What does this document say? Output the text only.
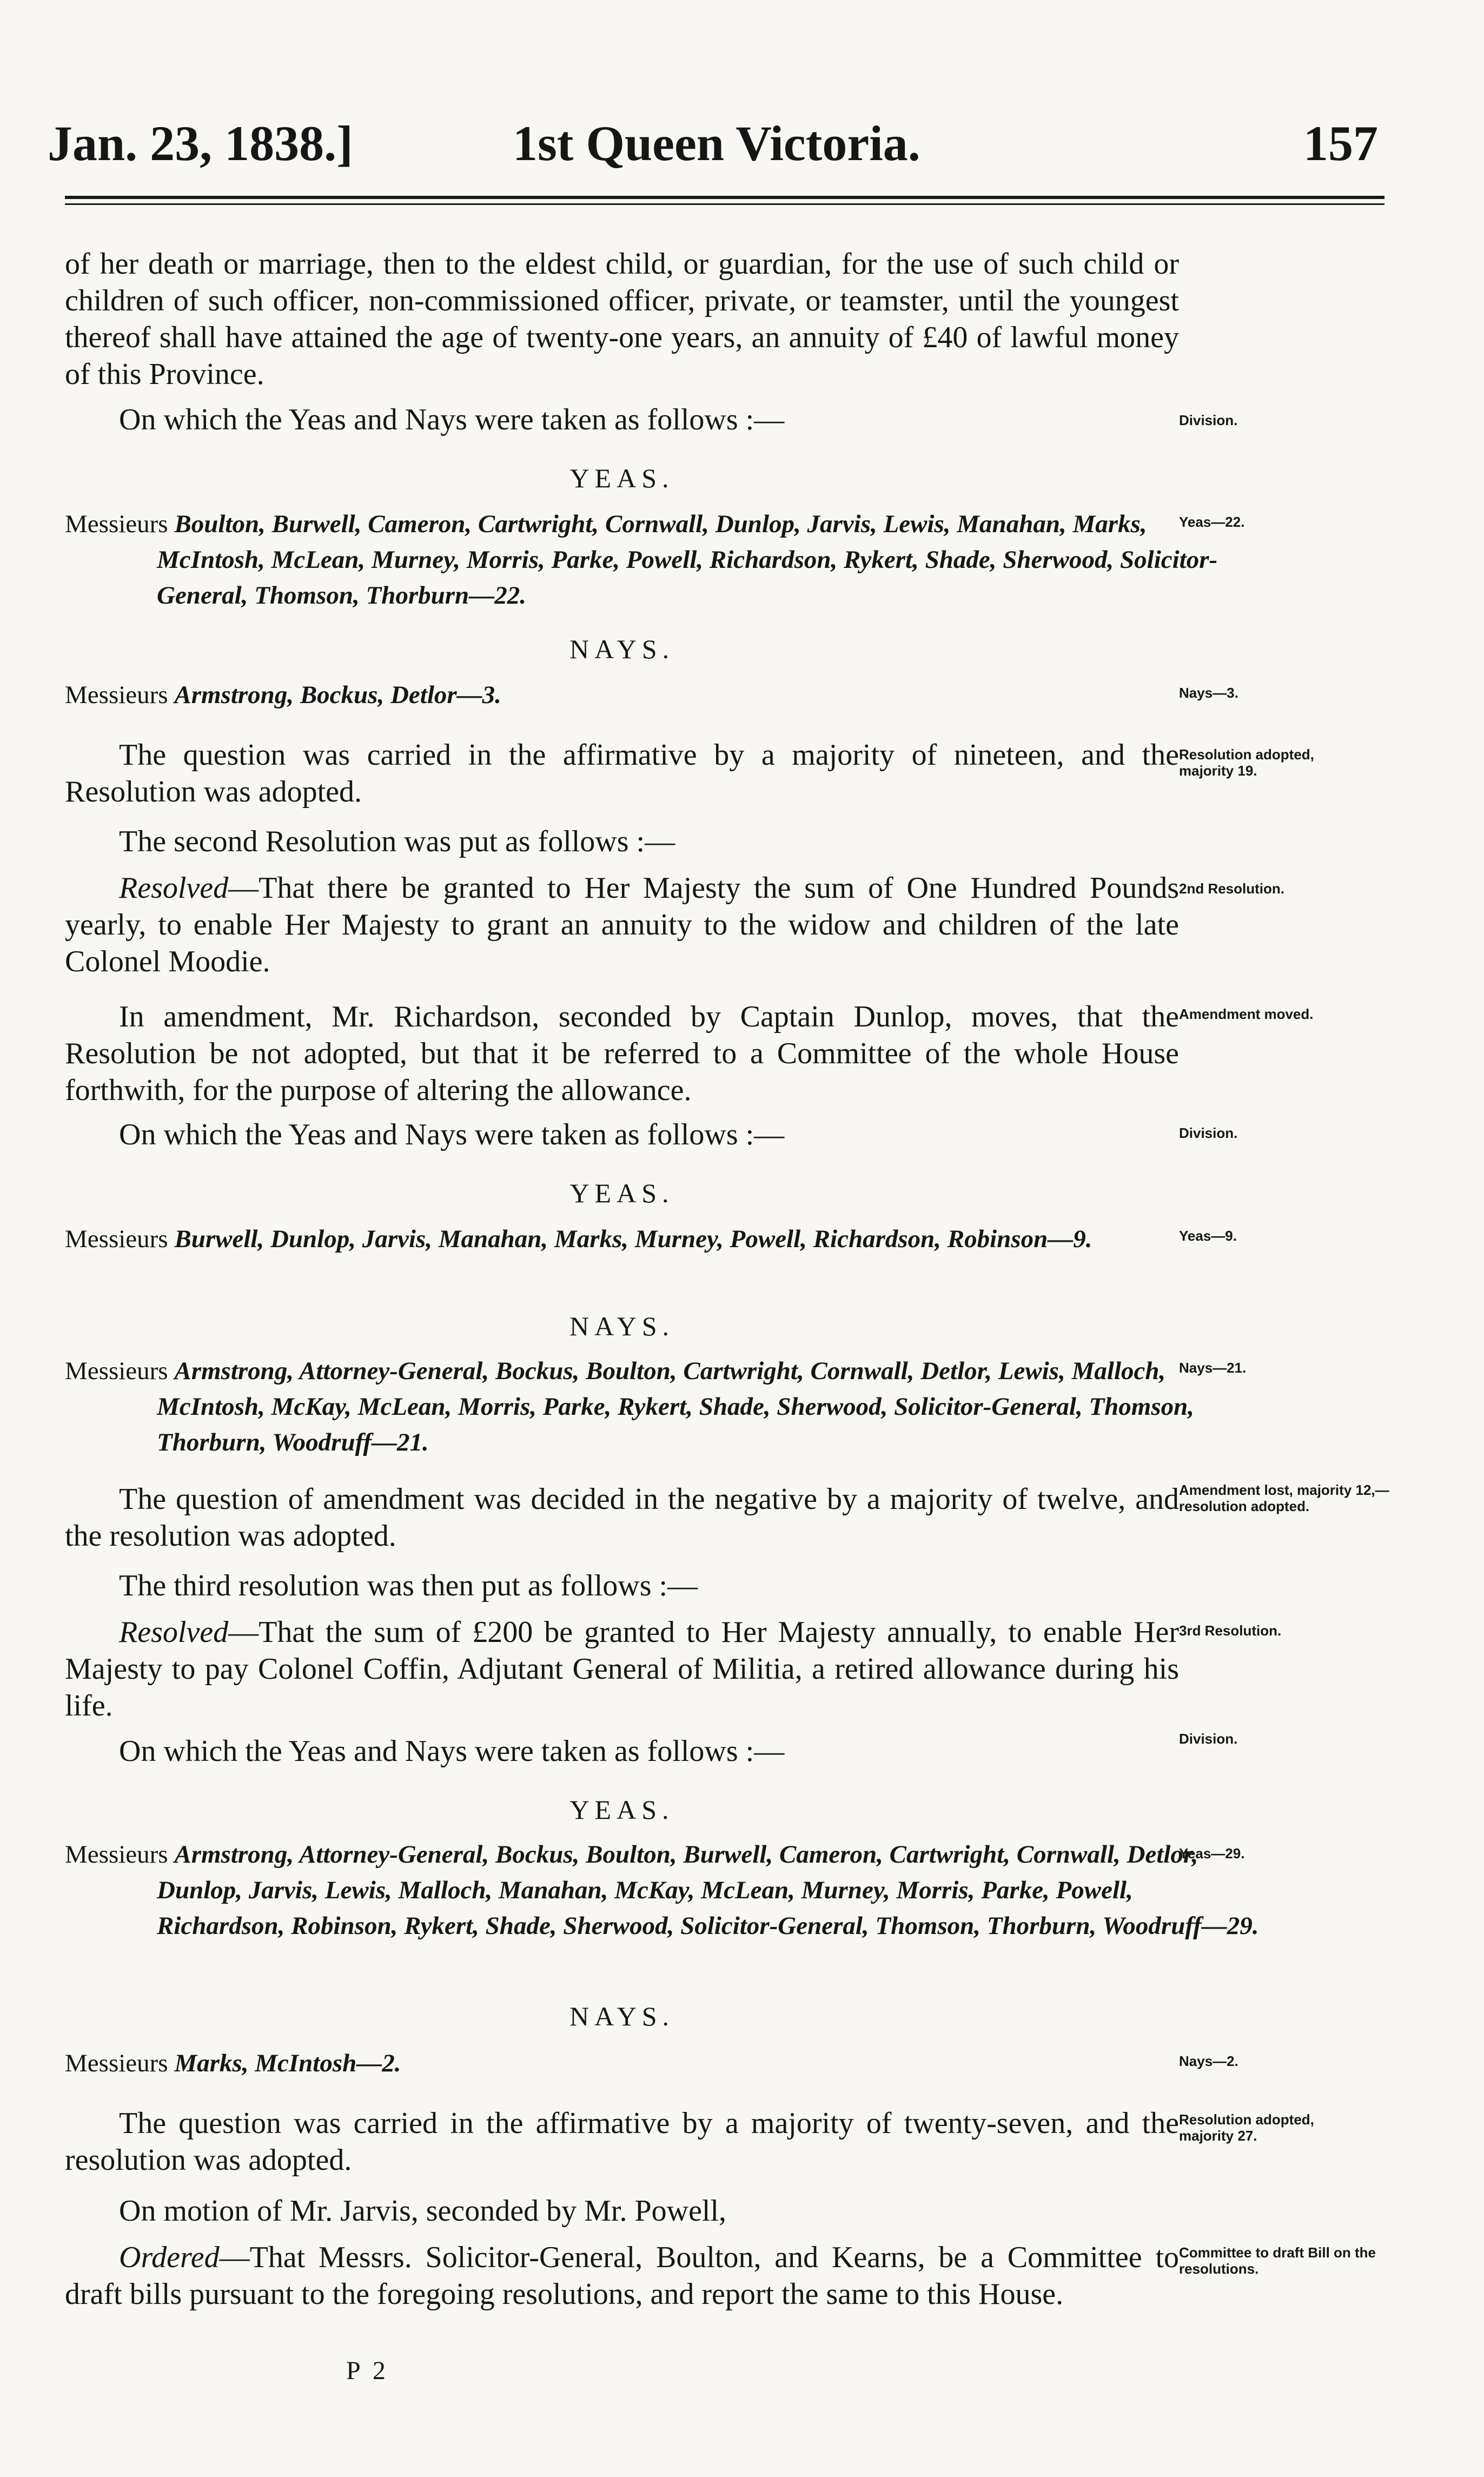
Jan. 23, 1838.]	1st Queen Victoria.	157

of her death or marriage, then to the eldest child, or guardian, for the use of such child or children of such officer, non-commissioned officer, private, or teamster, until the youngest thereof shall have attained the age of twenty-one years, an annuity of £40 of lawful money of this Province.

On which the Yeas and Nays were taken as follows :—

YEAS.
Messieurs Boulton, Burwell, Cameron, Cartwright, Cornwall, Dunlop, Jarvis, Lewis, Manahan, Marks, McIntosh, McLean, Murney, Morris, Parke, Powell, Richardson, Rykert, Shade, Sherwood, Solicitor-General, Thomson, Thorburn—22.
NAYS.
Messieurs Armstrong, Bockus, Detlor—3.

The question was carried in the affirmative by a majority of nineteen, and the Resolution was adopted.

The second Resolution was put as follows :—

Resolved—That there be granted to Her Majesty the sum of One Hundred Pounds yearly, to enable Her Majesty to grant an annuity to the widow and children of the late Colonel Moodie.

In amendment, Mr. Richardson, seconded by Captain Dunlop, moves, that the Resolution be not adopted, but that it be referred to a Committee of the whole House forthwith, for the purpose of altering the allowance.

On which the Yeas and Nays were taken as follows :—

YEAS.
Messieurs Burwell, Dunlop, Jarvis, Manahan, Marks, Murney, Powell, Richardson, Robinson—9.
NAYS.
Messieurs Armstrong, Attorney-General, Bockus, Boulton, Cartwright, Cornwall, Detlor, Lewis, Malloch, McIntosh, McKay, McLean, Morris, Parke, Rykert, Shade, Sherwood, Solicitor-General, Thomson, Thorburn, Woodruff—21.

The question of amendment was decided in the negative by a majority of twelve, and the resolution was adopted.

The third resolution was then put as follows :—

Resolved—That the sum of £200 be granted to Her Majesty annually, to enable Her Majesty to pay Colonel Coffin, Adjutant General of Militia, a retired allowance during his life.

On which the Yeas and Nays were taken as follows :—

YEAS.
Messieurs Armstrong, Attorney-General, Bockus, Boulton, Burwell, Cameron, Cartwright, Cornwall, Detlor, Dunlop, Jarvis, Lewis, Malloch, Manahan, McKay, McLean, Murney, Morris, Parke, Powell, Richardson, Robinson, Rykert, Shade, Sherwood, Solicitor-General, Thomson, Thorburn, Woodruff—29.
NAYS.
Messieurs Marks, McIntosh—2.

The question was carried in the affirmative by a majority of twenty-seven, and the resolution was adopted.

On motion of Mr. Jarvis, seconded by Mr. Powell,

Ordered—That Messrs. Solicitor-General, Boulton, and Kearns, be a Committee to draft bills pursuant to the foregoing resolutions, and report the same to this House.

P 2
Division.
Yeas—22.
Nays—3.
Resolution adopted, majority 19.
2nd Resolution.
Amendment moved.
Division.
Yeas—9.
Nays—21.
Amendment lost, majority 12,—resolution adopted.
3rd Resolution.
Division.
Yeas—29.
Nays—2.
Resolution adopted, majority 27.
Committee to draft Bill on the resolutions.
